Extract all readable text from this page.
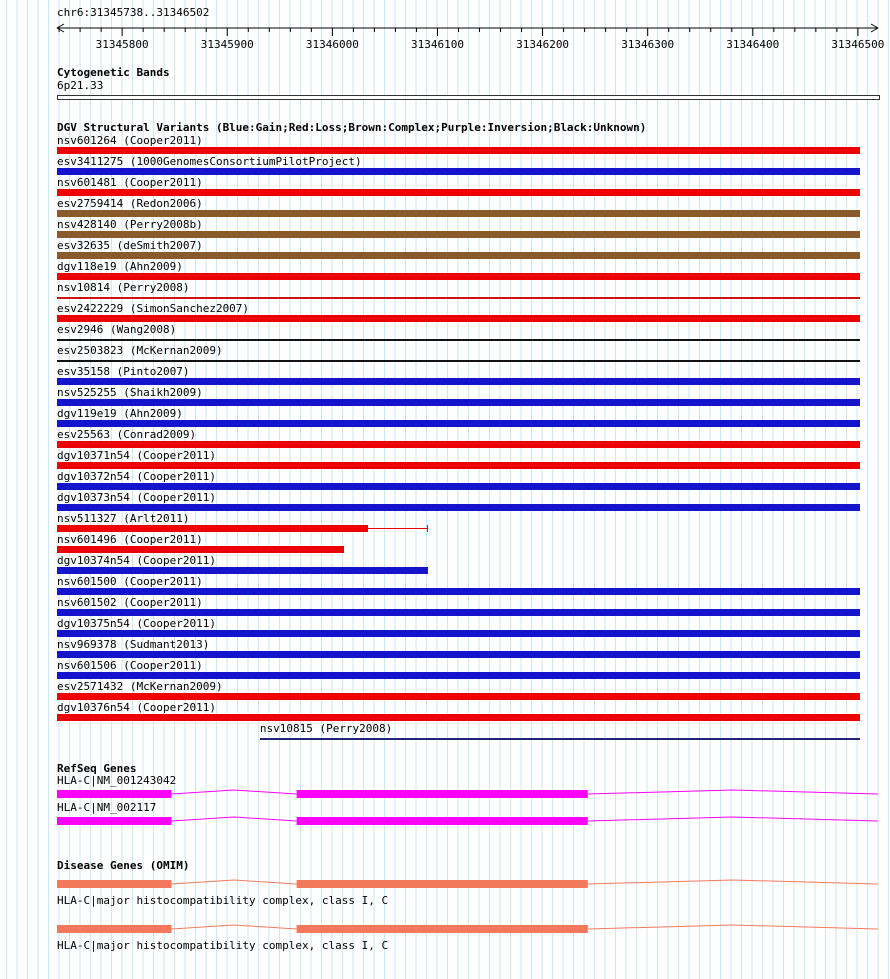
chr6:31345738..31346502
31345800	31345900	31346000	31346100	31346200	31346300	31346400	31346500
Cytogenetic Bands
6p21.33
DGV Structural Variants (Blue:Gain;Red:Loss;Brown:Complex;Purple:Inversion;Black:Unknown)
nsv601264 (Cooper2011)
esv3411275 (1000GenomesConsortiumPilotProject)
nsv601481 (Cooper2011)
esv2759414 (Redon2006)
nsv428140 (Perry2008b)
esv32635 (deSmith2007)
dgv118e19 (Ahn2009)
nsv10814 (Perry2008)
esv2422229 (SimonSanchez2007)
esv2946 (Wang2008)
esv2503823 (McKernan2009)
esv35158 (Pinto2007)
nsv525255 (Shaikh2009)
dgv119e19 (Ahn2009)
esv25563 (Conrad2009)
dgv10371n54 (Cooper2011)
dgv10372n54 (Cooper2011)
dgv10373n54 (Cooper2011)
nsv511327 (Arlt2011)
nsv601496 (Cooper2011)
dgv10374n54 (Cooper2011)
nsv601500 (Cooper2011)
nsv601502 (Cooper2011)
dgv10375n54 (Cooper2011)
nsv969378 (Sudmant2013)
nsv601506 (Cooper2011)
esv2571432 (McKernan2009)
dgv10376n54 (Cooper2011)
nsv10815 (Perry2008)
RefSeq Genes
HLA-C|NM_001243042
HLA-C|NM_002117
Disease Genes (OMIM)
HLA-C|major histocompatibility complex, class I, C
HLA-C|major histocompatibility complex, class I, C
